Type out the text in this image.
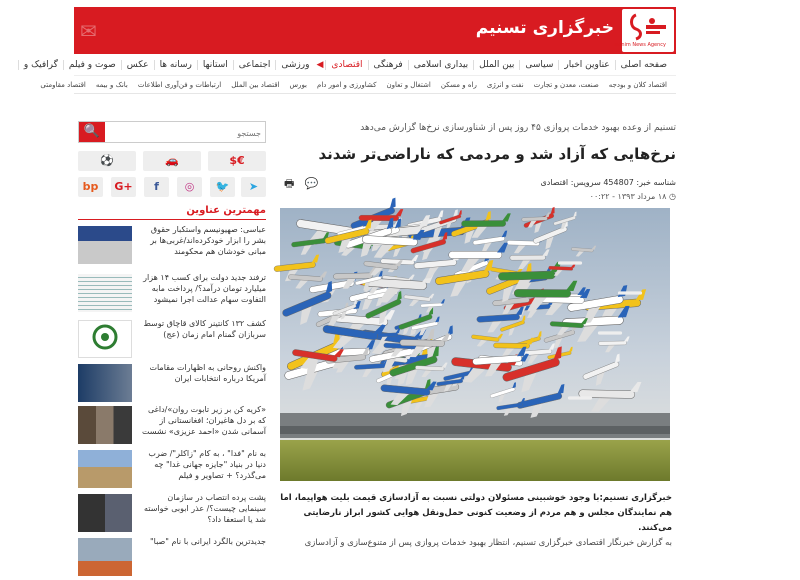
✉	خبرگزاری تسنیم
Tasnim News Agency
صفحه اصلی
عناوین اخبار
سیاسی
بین الملل
بیداری اسلامی
فرهنگی
اقتصادی
◀
ورزشی
اجتماعی
استانها
رسانه ها
عکس
صوت و فیلم
گرافیک و
اقتصاد کلان و بودجه
صنعت، معدن و تجارت
نفت و انرژی
راه و مسکن
اشتغال و تعاون
کشاورزی و امور دام
بورس
اقتصاد بین الملل
ارتباطات و فن‌آوری اطلاعات
بانک و بیمه
اقتصاد مقاومتی
🔍
جستجو
⚽	🚗	$€
bp	G+	f	◎	🐦	➤
مهمترین عناوین
عباسی: صهیونیسم واستکبار حقوق بشر را ابزار خودکرده‌اند/غربی‌ها بر مبانی خودشان هم محکومند
ترفند جدید دولت برای کسب ۱۴ هزار میلیارد تومان درآمد؟/ پرداخت مابه التفاوت سهام عدالت اجرا نمیشود
کشف ۱۳۲ کانتینر کالای قاچاق توسط سربازان گمنام امام زمان (عج)
واکنش روحانی به اظهارات مقامات آمریکا درباره انتخابات ایران
«کریه کن بر زیر تابوت روان»/داغی که بر دل هاغیران؛ افغانستانی از آسمانی شدن «احمد عزیزی» نشست
به نام "فدا" ، به کام "زاکلر"/ ضرب دنیا در بنیاد "جایزه جهانی غدا" چه می‌گذرد؟ + تصاویر و فیلم
پشت پرده انتصاب در سازمان سینمایی چیست؟/ عذر ابوبی خواسته شد یا استعفا داد؟
جدیدترین بالگرد ایرانی با نام "صبا"
تسنیم از وعده بهبود خدمات پروازی ۴۵ روز پس از شناورسازی نرخ‌ها گزارش می‌دهد
نرخ‌هایی که آزاد شد و مردمی که ناراضی‌تر شدند
🖶 💬	شناسه خبر: 454807 سرویس: اقتصادی
◷ ۱۸ مرداد ۱۳۹۳ - ۰۰:۲۲
خبرگزاری تسنیم:با وجود خوشبینی مسئولان دولتی نسبت به آزادسازی قیمت بلیت هواپیما، اما هم نمایندگان مجلس و هم مردم از وضعیت کنونی حمل‌ونقل هوایی کشور ابراز نارضایتی می‌کنند.
به گزارش خبرنگار اقتصادی خبرگزاری تسنیم، انتظار بهبود خدمات پروازی پس از متنوع‌سازی و آزادسازی
